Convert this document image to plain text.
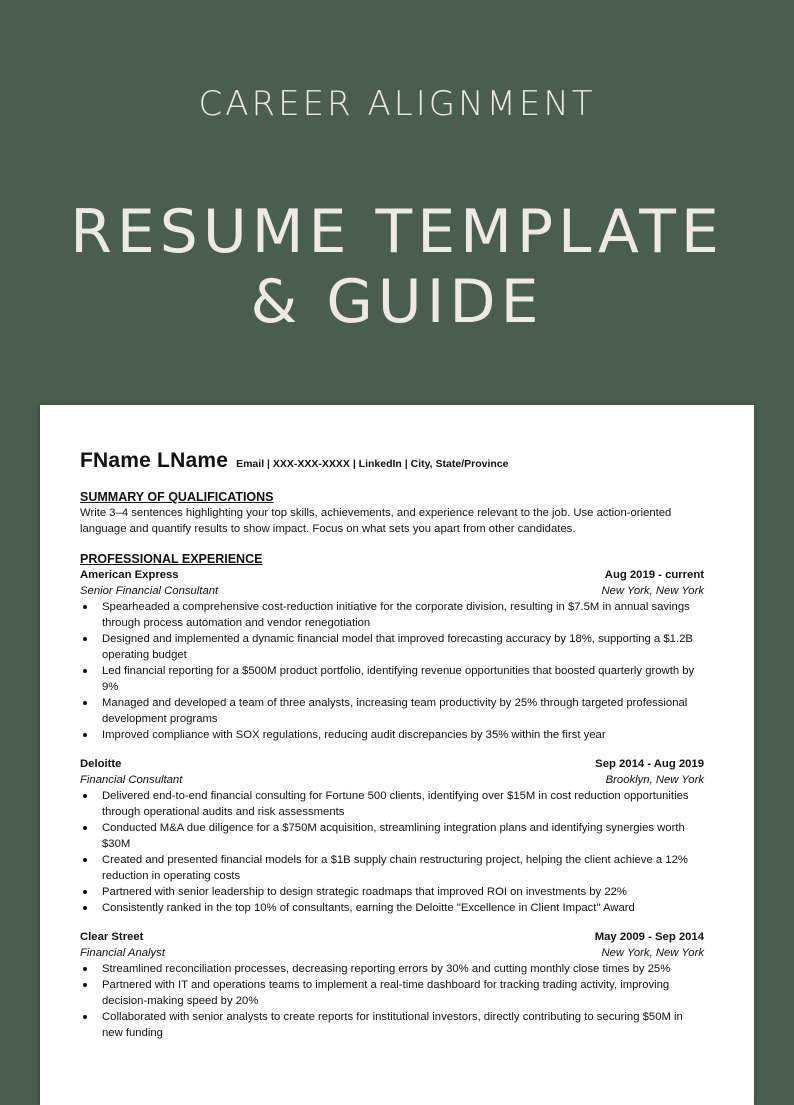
CAREER ALIGNMENT
RESUME TEMPLATE
& GUIDE
FName LName Email | XXX-XXX-XXXX | LinkedIn | City, State/Province
SUMMARY OF QUALIFICATIONS
Write 3–4 sentences highlighting your top skills, achievements, and experience relevant to the job. Use action-oriented language and quantify results to show impact. Focus on what sets you apart from other candidates.
PROFESSIONAL EXPERIENCE
American Express	Aug 2019 - current
Senior Financial Consultant	New York, New York
Spearheaded a comprehensive cost-reduction initiative for the corporate division, resulting in $7.5M in annual savings through process automation and vendor renegotiation
Designed and implemented a dynamic financial model that improved forecasting accuracy by 18%, supporting a $1.2B operating budget
Led financial reporting for a $500M product portfolio, identifying revenue opportunities that boosted quarterly growth by 9%
Managed and developed a team of three analysts, increasing team productivity by 25% through targeted professional development programs
Improved compliance with SOX regulations, reducing audit discrepancies by 35% within the first year
Deloitte	Sep 2014 - Aug 2019
Financial Consultant	Brooklyn, New York
Delivered end-to-end financial consulting for Fortune 500 clients, identifying over $15M in cost reduction opportunities through operational audits and risk assessments
Conducted M&A due diligence for a $750M acquisition, streamlining integration plans and identifying synergies worth $30M
Created and presented financial models for a $1B supply chain restructuring project, helping the client achieve a 12% reduction in operating costs
Partnered with senior leadership to design strategic roadmaps that improved ROI on investments by 22%
Consistently ranked in the top 10% of consultants, earning the Deloitte "Excellence in Client Impact" Award
Clear Street	May 2009 - Sep 2014
Financial Analyst	New York, New York
Streamlined reconciliation processes, decreasing reporting errors by 30% and cutting monthly close times by 25%
Partnered with IT and operations teams to implement a real-time dashboard for tracking trading activity, improving decision-making speed by 20%
Collaborated with senior analysts to create reports for institutional investors, directly contributing to securing $50M in new funding
